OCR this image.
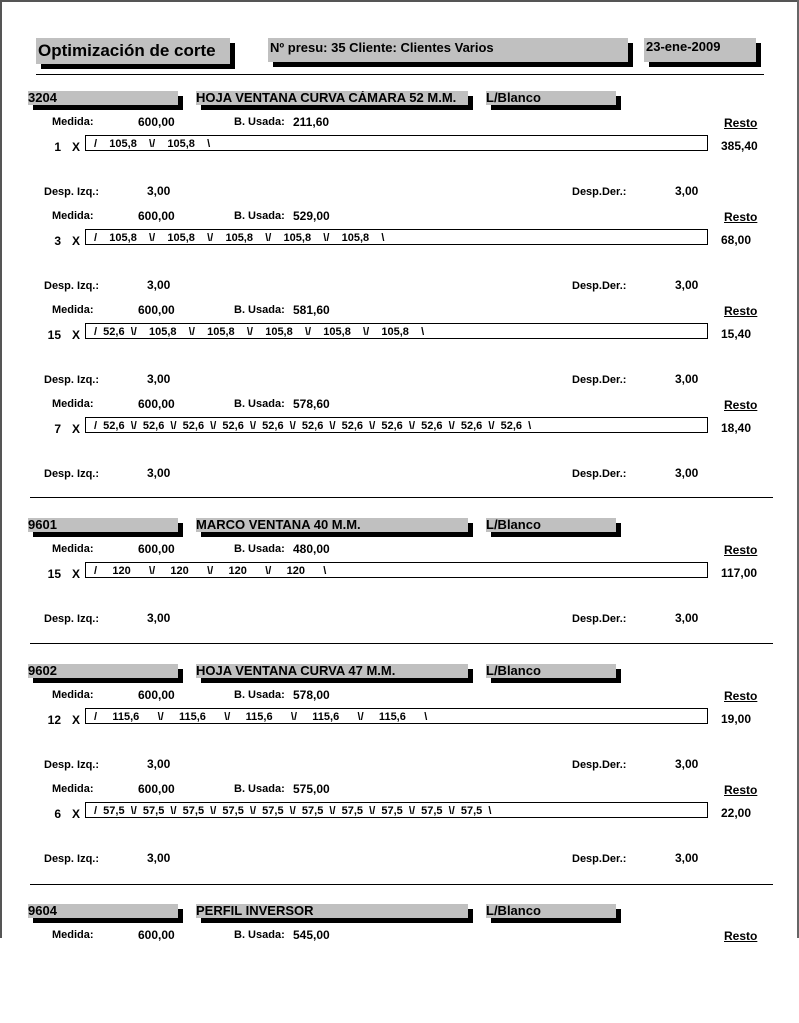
Optimización de corte	Nº presu: 35 Cliente: Clientes Varios	23-ene-2009
3204	HOJA VENTANA CURVA CÁMARA 52 M.M.	L/Blanco
Medida:	600,00	B. Usada: 211,60	Resto
1 X	/    105,8    \/    105,8    \	385,40
Desp. Izq.:	3,00	Desp.Der.:	3,00
Medida:	600,00	B. Usada: 529,00	Resto
3 X	/    105,8    \/    105,8    \/    105,8    \/    105,8    \/    105,8    \	68,00
Desp. Izq.:	3,00	Desp.Der.:	3,00
Medida:	600,00	B. Usada: 581,60	Resto
15 X	/  52,6  \/    105,8    \/    105,8    \/    105,8    \/    105,8    \/    105,8    \	15,40
Desp. Izq.:	3,00	Desp.Der.:	3,00
Medida:	600,00	B. Usada: 578,60	Resto
7 X	/  52,6  \/  52,6  \/  52,6  \/  52,6  \/  52,6  \/  52,6  \/  52,6  \/  52,6  \/  52,6  \/  52,6  \/  52,6  \	18,40
Desp. Izq.:	3,00	Desp.Der.:	3,00
9601	MARCO VENTANA 40 M.M.	L/Blanco
Medida:	600,00	B. Usada: 480,00	Resto
15 X	/     120      \/     120      \/     120      \/     120      \	117,00
Desp. Izq.:	3,00	Desp.Der.:	3,00
9602	HOJA VENTANA CURVA 47 M.M.	L/Blanco
Medida:	600,00	B. Usada: 578,00	Resto
12 X	/     115,6      \/     115,6      \/     115,6      \/     115,6      \/     115,6      \	19,00
Desp. Izq.:	3,00	Desp.Der.:	3,00
Medida:	600,00	B. Usada: 575,00	Resto
6 X	/  57,5  \/  57,5  \/  57,5  \/  57,5  \/  57,5  \/  57,5  \/  57,5  \/  57,5  \/  57,5  \/  57,5  \	22,00
Desp. Izq.:	3,00	Desp.Der.:	3,00
9604	PERFIL INVERSOR	L/Blanco
Medida:	600,00	B. Usada: 545,00	Resto
